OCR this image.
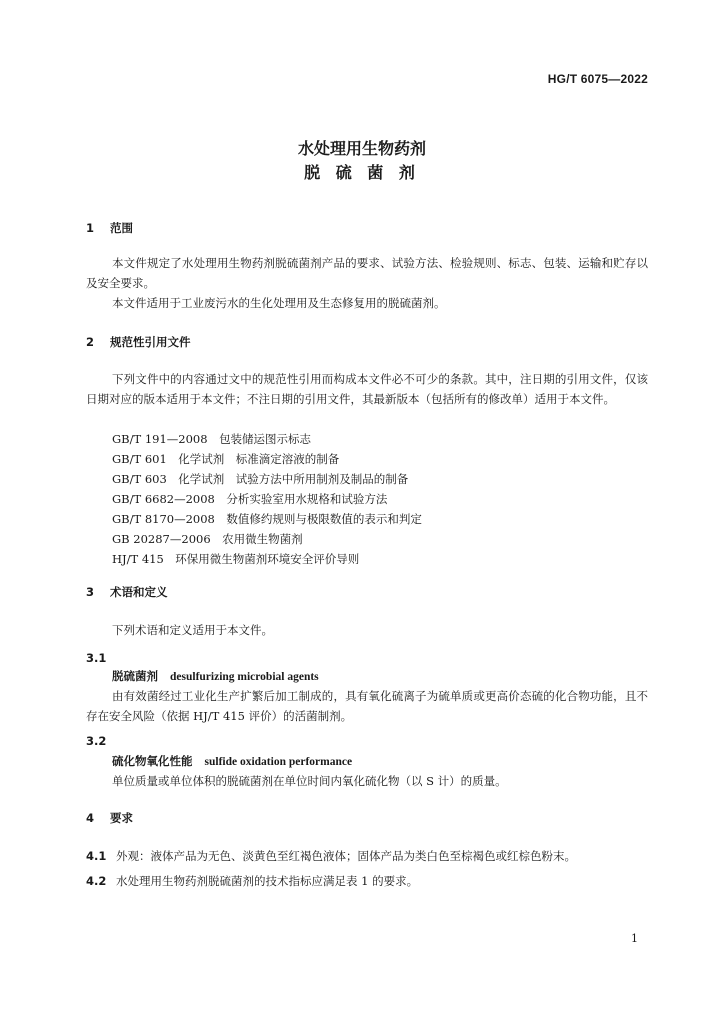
HG/T 6075—2022
水处理用生物药剂
脱 硫 菌 剂
1 范围
本文件规定了水处理用生物药剂脱硫菌剂产品的要求、试验方法、检验规则、标志、包装、运输和贮存以及安全要求。
本文件适用于工业废污水的生化处理用及生态修复用的脱硫菌剂。
2 规范性引用文件
下列文件中的内容通过文中的规范性引用而构成本文件必不可少的条款。其中，注日期的引用文件，仅该日期对应的版本适用于本文件；不注日期的引用文件，其最新版本（包括所有的修改单）适用于本文件。
GB/T 191—2008　 包装储运图示标志
GB/T 601　 化学试剂　标准滴定溶液的制备
GB/T 603　 化学试剂　试验方法中所用制剂及制品的制备
GB/T 6682—2008　 分析实验室用水规格和试验方法
GB/T 8170—2008　 数值修约规则与极限数值的表示和判定
GB 20287—2006　 农用微生物菌剂
HJ/T 415　 环保用微生物菌剂环境安全评价导则
3 术语和定义
下列术语和定义适用于本文件。
3.1
脱硫菌剂 desulfurizing microbial agents
由有效菌经过工业化生产扩繁后加工制成的，具有氧化硫离子为硫单质或更高价态硫的化合物功能，且不存在安全风险（依据 HJ/T 415 评价）的活菌制剂。
3.2
硫化物氧化性能 sulfide oxidation performance
单位质量或单位体积的脱硫菌剂在单位时间内氧化硫化物（以 S 计）的质量。
4 要求
4.1 外观：液体产品为无色、淡黄色至红褐色液体；固体产品为类白色至棕褐色或红棕色粉末。
4.2 水处理用生物药剂脱硫菌剂的技术指标应满足表 1 的要求。
1
